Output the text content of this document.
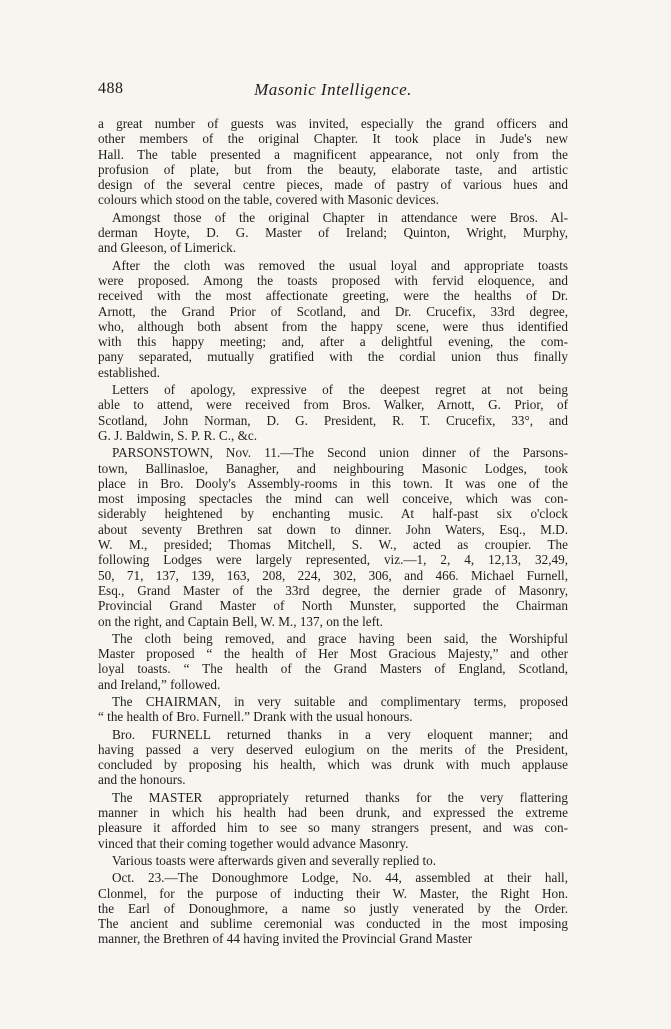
488	Masonic Intelligence.
a great number of guests was invited, especially the grand officers and
other members of the original Chapter. It took place in Jude's new
Hall. The table presented a magnificent appearance, not only from the
profusion of plate, but from the beauty, elaborate taste, and artistic
design of the several centre pieces, made of pastry of various hues and
colours which stood on the table, covered with Masonic devices.
Amongst those of the original Chapter in attendance were Bros. Al-
derman Hoyte, D. G. Master of Ireland; Quinton, Wright, Murphy,
and Gleeson, of Limerick.
After the cloth was removed the usual loyal and appropriate toasts
were proposed. Among the toasts proposed with fervid eloquence, and
received with the most affectionate greeting, were the healths of Dr.
Arnott, the Grand Prior of Scotland, and Dr. Crucefix, 33rd degree,
who, although both absent from the happy scene, were thus identified
with this happy meeting; and, after a delightful evening, the com-
pany separated, mutually gratified with the cordial union thus finally
established.
Letters of apology, expressive of the deepest regret at not being
able to attend, were received from Bros. Walker, Arnott, G. Prior, of
Scotland, John Norman, D. G. President, R. T. Crucefix, 33°, and
G. J. Baldwin, S. P. R. C., &c.
PARSONSTOWN, Nov. 11.—The Second union dinner of the Parsons-
town, Ballinasloe, Banagher, and neighbouring Masonic Lodges, took
place in Bro. Dooly's Assembly-rooms in this town. It was one of the
most imposing spectacles the mind can well conceive, which was con-
siderably heightened by enchanting music. At half-past six o'clock
about seventy Brethren sat down to dinner. John Waters, Esq., M.D.
W. M., presided; Thomas Mitchell, S. W., acted as croupier. The
following Lodges were largely represented, viz.—1, 2, 4, 12,13, 32,49,
50, 71, 137, 139, 163, 208, 224, 302, 306, and 466. Michael Furnell,
Esq., Grand Master of the 33rd degree, the dernier grade of Masonry,
Provincial Grand Master of North Munster, supported the Chairman
on the right, and Captain Bell, W. M., 137, on the left.
The cloth being removed, and grace having been said, the Worshipful
Master proposed “ the health of Her Most Gracious Majesty,” and other
loyal toasts. “ The health of the Grand Masters of England, Scotland,
and Ireland,” followed.
The CHAIRMAN, in very suitable and complimentary terms, proposed
“ the health of Bro. Furnell.” Drank with the usual honours.
Bro. FURNELL returned thanks in a very eloquent manner; and
having passed a very deserved eulogium on the merits of the President,
concluded by proposing his health, which was drunk with much applause
and the honours.
The MASTER appropriately returned thanks for the very flattering
manner in which his health had been drunk, and expressed the extreme
pleasure it afforded him to see so many strangers present, and was con-
vinced that their coming together would advance Masonry.
Various toasts were afterwards given and severally replied to.
Oct. 23.—The Donoughmore Lodge, No. 44, assembled at their hall,
Clonmel, for the purpose of inducting their W. Master, the Right Hon.
the Earl of Donoughmore, a name so justly venerated by the Order.
The ancient and sublime ceremonial was conducted in the most imposing
manner, the Brethren of 44 having invited the Provincial Grand Master
